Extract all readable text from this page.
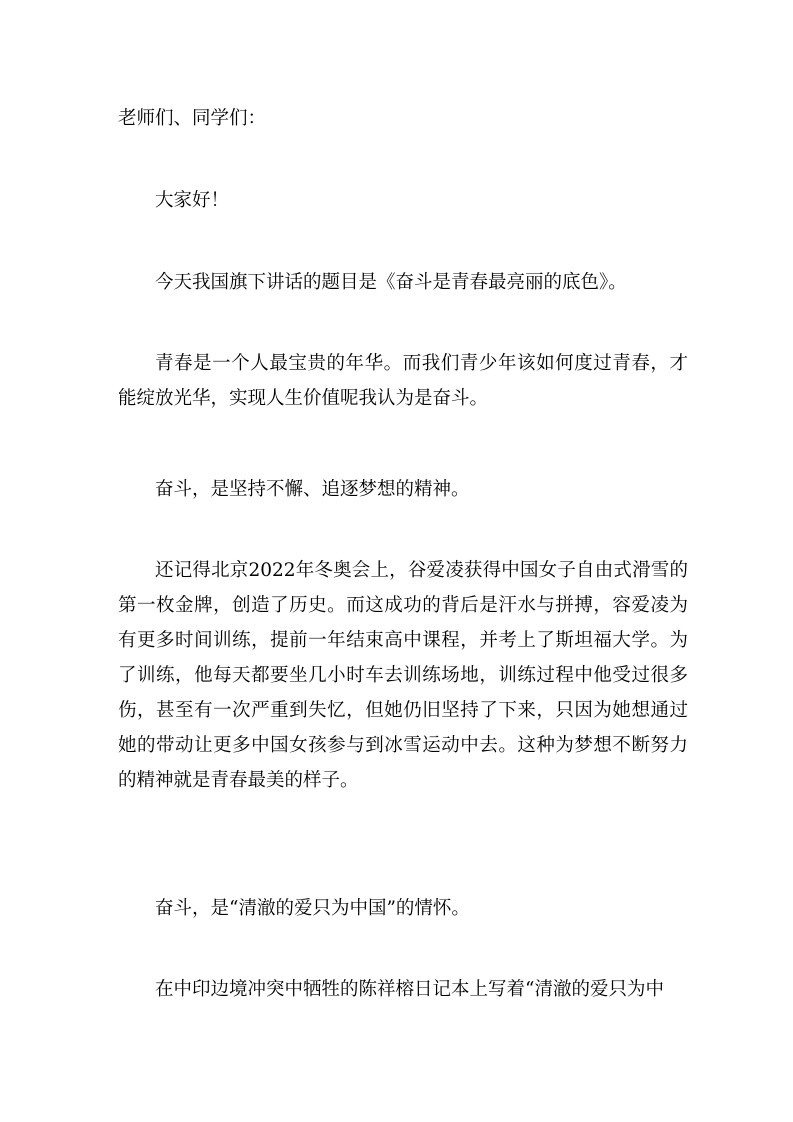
老师们、同学们：

大家好！

今天我国旗下讲话的题目是《奋斗是青春最亮丽的底色》。

青春是一个人最宝贵的年华。而我们青少年该如何度过青春，才能绽放光华，实现人生价值呢我认为是奋斗。

奋斗，是坚持不懈、追逐梦想的精神。

还记得北京2022年冬奥会上，谷爱凌获得中国女子自由式滑雪的第一枚金牌，创造了历史。而这成功的背后是汗水与拼搏，容爱凌为有更多时间训练，提前一年结束高中课程，并考上了斯坦福大学。为了训练，他每天都要坐几小时车去训练场地，训练过程中他受过很多伤，甚至有一次严重到失忆，但她仍旧坚持了下来，只因为她想通过她的带动让更多中国女孩参与到冰雪运动中去。这种为梦想不断努力的精神就是青春最美的样子。

奋斗，是“清澈的爱只为中国”的情怀。

在中印边境冲突中牺牲的陈祥榕日记本上写着“清澈的爱只为中
